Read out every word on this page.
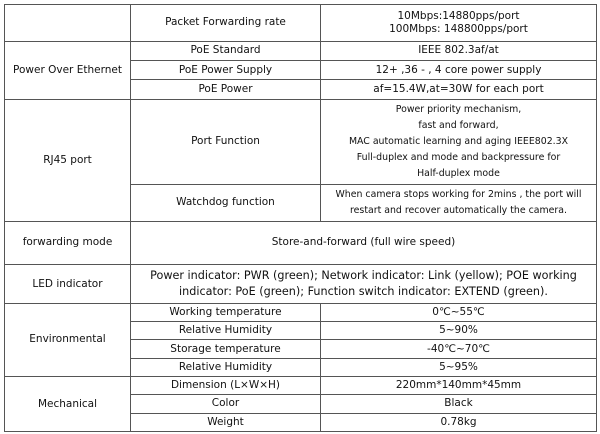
	Packet Forwarding rate	10Mbps:14880pps/port
100Mbps: 148800pps/port

Power Over Ethernet	PoE Standard	IEEE 802.3af/at
	PoE Power Supply	12+ ,36 - , 4 core power supply
	PoE Power	af=15.4W,at=30W for each port
RJ45 port	Port Function	Power priority mechanism,
fast and forward,
MAC automatic learning and aging IEEE802.3X
Full-duplex and mode and backpressure for
Half-duplex mode

	Watchdog function	When camera stops working for 2mins , the port will
restart and recover automatically the camera.

forwarding mode	Store-and-forward (full wire speed)	
LED indicator	Power indicator: PWR (green); Network indicator: Link (yellow); POE working
indicator: PoE (green); Function switch indicator: EXTEND (green).	

Environmental	Working temperature	0℃~55℃
	Relative Humidity	5~90%
	Storage temperature	-40℃~70℃
	Relative Humidity	5~95%
Mechanical	Dimension (L×W×H)	220mm*140mm*45mm
	Color	Black
	Weight	0.78kg
